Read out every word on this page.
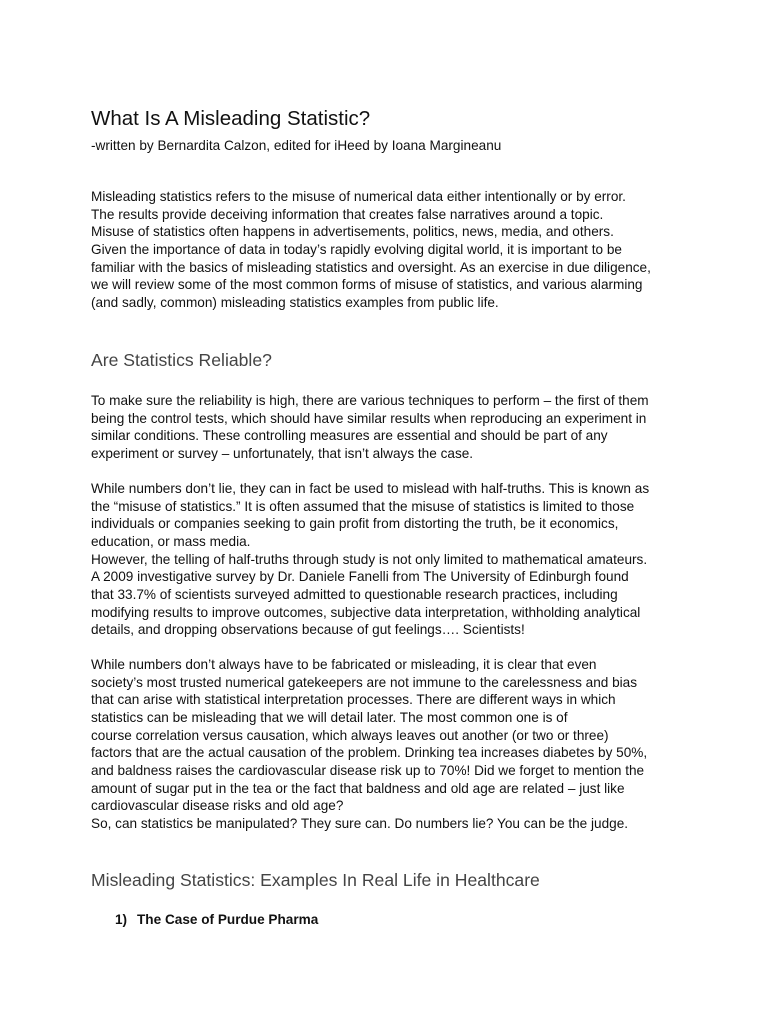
What Is A Misleading Statistic?

-written by Bernardita Calzon, edited for iHeed by Ioana Margineanu

Misleading statistics refers to the misuse of numerical data either intentionally or by error.
The results provide deceiving information that creates false narratives around a topic.
Misuse of statistics often happens in advertisements, politics, news, media, and others.
Given the importance of data in today’s rapidly evolving digital world, it is important to be
familiar with the basics of misleading statistics and oversight. As an exercise in due diligence,
we will review some of the most common forms of misuse of statistics, and various alarming
(and sadly, common) misleading statistics examples from public life.
Are Statistics Reliable?
To make sure the reliability is high, there are various techniques to perform – the first of them
being the control tests, which should have similar results when reproducing an experiment in
similar conditions. These controlling measures are essential and should be part of any
experiment or survey – unfortunately, that isn’t always the case.
While numbers don’t lie, they can in fact be used to mislead with half-truths. This is known as
the “misuse of statistics.” It is often assumed that the misuse of statistics is limited to those
individuals or companies seeking to gain profit from distorting the truth, be it economics,
education, or mass media.
However, the telling of half-truths through study is not only limited to mathematical amateurs.
A 2009 investigative survey by Dr. Daniele Fanelli from The University of Edinburgh found
that 33.7% of scientists surveyed admitted to questionable research practices, including
modifying results to improve outcomes, subjective data interpretation, withholding analytical
details, and dropping observations because of gut feelings…. Scientists!
While numbers don’t always have to be fabricated or misleading, it is clear that even
society’s most trusted numerical gatekeepers are not immune to the carelessness and bias
that can arise with statistical interpretation processes. There are different ways in which
statistics can be misleading that we will detail later. The most common one is of
course correlation versus causation, which always leaves out another (or two or three)
factors that are the actual causation of the problem. Drinking tea increases diabetes by 50%,
and baldness raises the cardiovascular disease risk up to 70%! Did we forget to mention the
amount of sugar put in the tea or the fact that baldness and old age are related – just like
cardiovascular disease risks and old age?
So, can statistics be manipulated? They sure can. Do numbers lie? You can be the judge.
Misleading Statistics: Examples In Real Life in Healthcare

1) The Case of Purdue Pharma
